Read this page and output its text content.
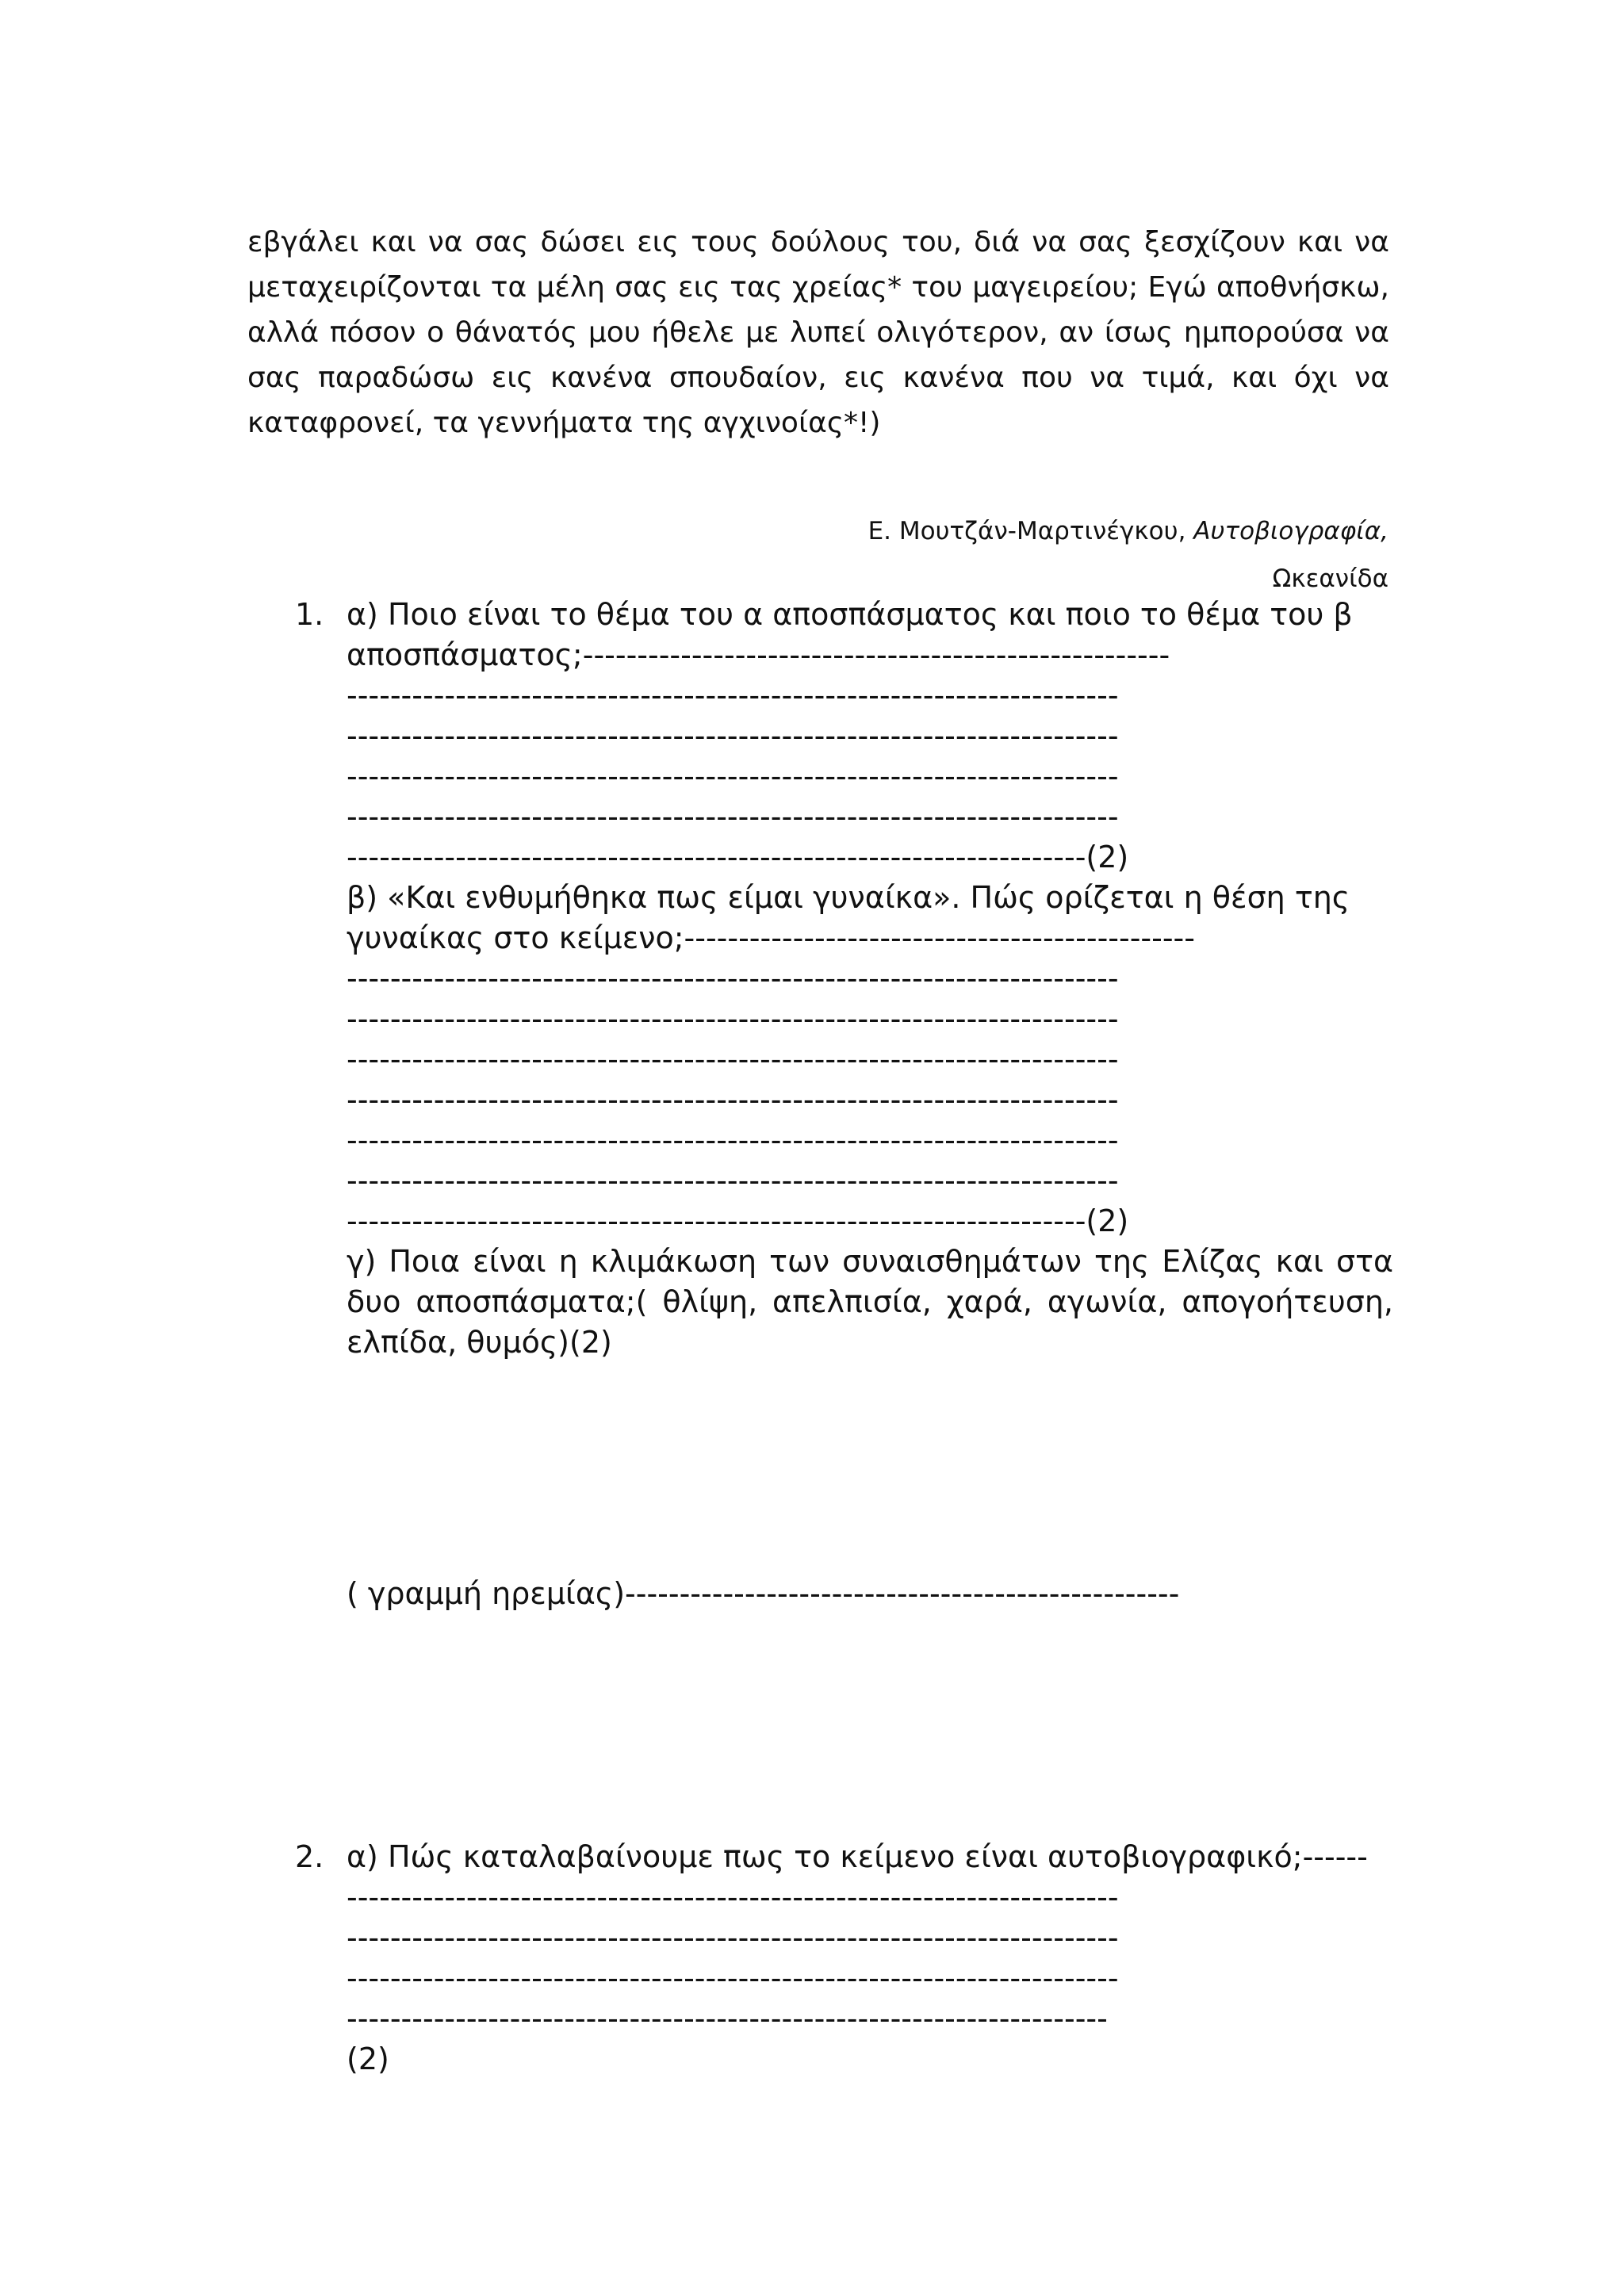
εβγάλει και να σας δώσει εις τους δούλους του, διά να σας ξεσχίζουν και να
μεταχειρίζονται τα μέλη σας εις τας χρείας* του μαγειρείου; Εγώ αποθνήσκω,
αλλά πόσον ο θάνατός μου ήθελε με λυπεί ολιγότερον, αν ίσως ημπορούσα να
σας παραδώσω εις κανένα σπουδαίον, εις κανένα που να τιμά, και όχι να
καταφρονεί, τα γεννήματα της αγχινοίας*!)
Ε. Μουτζάν-Μαρτινέγκου, Αυτοβιογραφία,
Ωκεανίδα
1. α) Ποιο είναι το θέμα του α αποσπάσματος και ποιο το θέμα του β
αποσπάσματος;------------------------------------------------------
-----------------------------------------------------------------------
-----------------------------------------------------------------------
-----------------------------------------------------------------------
-----------------------------------------------------------------------
--------------------------------------------------------------------(2)
β) «Και ενθυμήθηκα πως είμαι γυναίκα». Πώς ορίζεται η θέση της
γυναίκας στο κείμενο;-----------------------------------------------
-----------------------------------------------------------------------
-----------------------------------------------------------------------
-----------------------------------------------------------------------
-----------------------------------------------------------------------
-----------------------------------------------------------------------
-----------------------------------------------------------------------
--------------------------------------------------------------------(2)
γ) Ποια είναι η κλιμάκωση των συναισθημάτων της Ελίζας και στα
δυο αποσπάσματα;( θλίψη, απελπισία, χαρά, αγωνία, απογοήτευση,
ελπίδα, θυμός)(2)
( γραμμή ηρεμίας)---------------------------------------------------
2. α) Πώς καταλαβαίνουμε πως το κείμενο είναι αυτοβιογραφικό;------
-----------------------------------------------------------------------
-----------------------------------------------------------------------
-----------------------------------------------------------------------
----------------------------------------------------------------------
(2)
